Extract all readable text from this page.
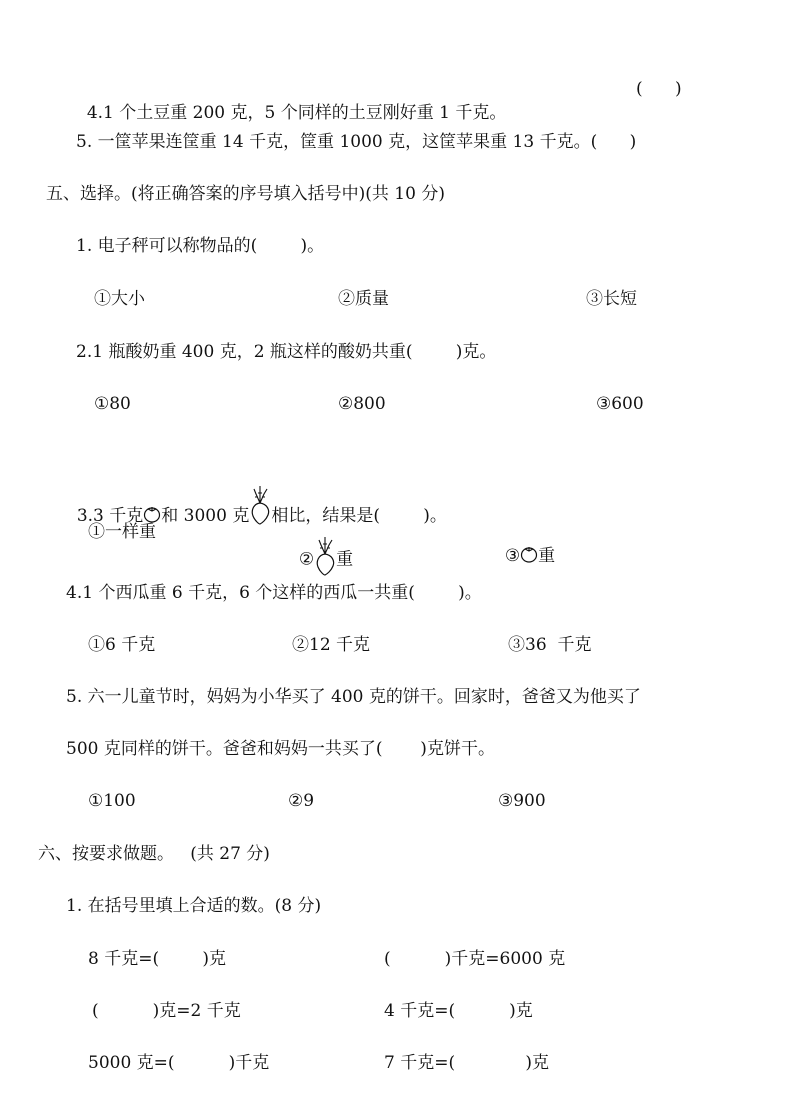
4.1 个土豆重 200 克，5 个同样的土豆刚好重 1 千克。

(      )
5. 一筐苹果连筐重 14 千克，筐重 1000 克，这筐苹果重 13 千克。(      )
五、选择。(将正确答案的序号填入括号中)(共 10 分)
1. 电子秤可以称物品的(        )。
①大小	②质量	③长短
2.1 瓶酸奶重 400 克，2 瓶这样的酸奶共重(        )克。
①80	②800	③600

3.3 千克 和 3000 克 相比，结果是(        )。

①一样重

② 重	③ 重

4.1 个西瓜重 6 千克，6 个这样的西瓜一共重(        )。
①6 千克	②12 千克	③36  千克
5. 六一儿童节时，妈妈为小华买了 400 克的饼干。回家时，爸爸又为他买了
500 克同样的饼干。爸爸和妈妈一共买了(       )克饼干。
①100	②9	③900
六、按要求做题。   (共 27 分)
1. 在括号里填上合适的数。(8 分)
8 千克=(        )克	(          )千克=6000 克
(          )克=2 千克	4 千克=(          )克
5000 克=(          )千克	7 千克=(             )克
